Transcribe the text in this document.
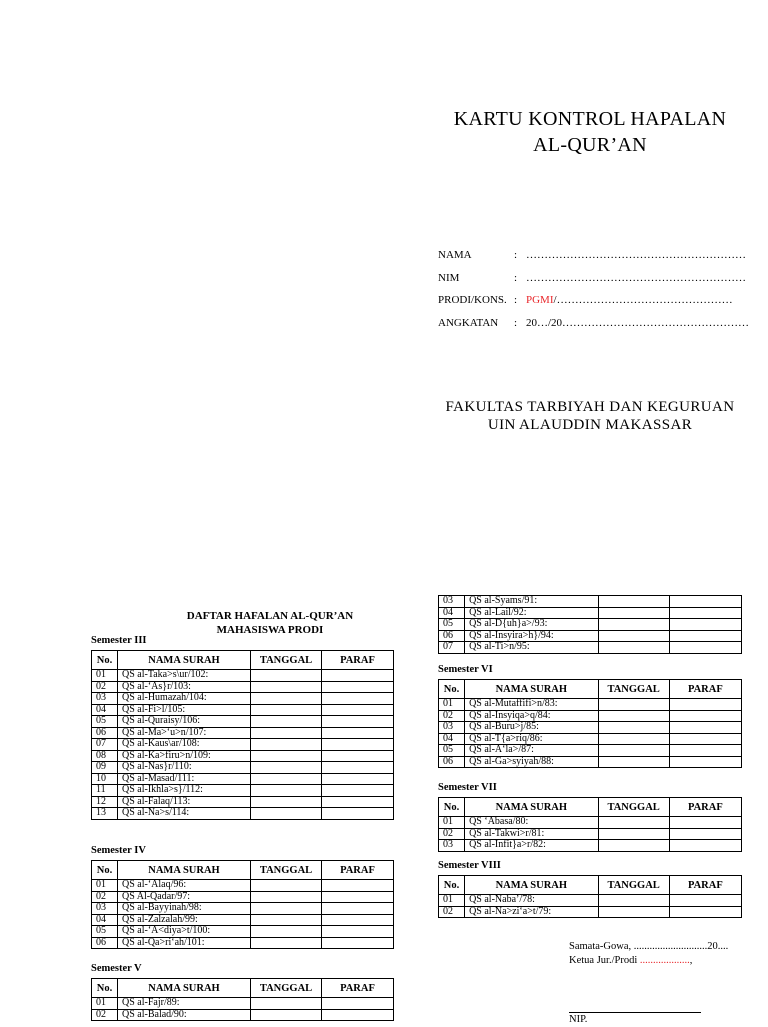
KARTU KONTROL HAPALAN
AL-QUR’AN
NAMA	: ……………………………………………………
NIM	: ……………………………………………………
PRODI/KONS. : PGMI/…………………………………………
ANGKATAN : 20…/20……………………………………………
FAKULTAS TARBIYAH DAN KEGURUAN
UIN ALAUDDIN MAKASSAR
DAFTAR HAFALAN AL-QUR’AN
MAHASISWA PRODI
Semester III
No.	NAMA SURAH	TANGGAL	PARAF
01	QS al-Taka>s\ur/102:		
02	QS al-‘As}r/103:		
03	QS al-Humazah/104:		
04	QS al-Fi>l/105:		
05	QS al-Quraisy/106:		
06	QS al-Ma>‘u>n/107:		
07	QS al-Kaus\ar/108:		
08	QS al-Ka>firu>n/109:		
09	QS al-Nas}r/110:		
10	QS al-Masad/111:		
11	QS al-Ikhla>s}/112:		
12	QS al-Falaq/113:		
13	QS al-Na>s/114:		
Semester IV
No.	NAMA SURAH	TANGGAL	PARAF
01	QS al-‘Alaq/96:		
02	QS Al-Qadar/97:		
03	QS al-Bayyinah/98:		
04	QS al-Zalzalah/99:		
05	QS al-‘A<diya>t/100:		
06	QS al-Qa>ri‘ah/101:		
Semester V
No.	NAMA SURAH	TANGGAL	PARAF
01	QS al-Fajr/89:		
02	QS al-Balad/90:		
03	QS al-Syams/91:		
04	QS al-Lail/92:		
05	QS al-D{uh}a>/93:		
06	QS al-Insyira>h}/94:		
07	QS al-Ti>n/95:		
Semester VI
No.	NAMA SURAH	TANGGAL	PARAF
01	QS al-Mutaffifi>n/83:		
02	QS al-Insyiqa>q/84:		
03	QS al-Buru>j/85:		
04	QS al-T{a>riq/86:		
05	QS al-A‘la>/87:		
06	QS al-Ga>syiyah/88:		
Semester VII
No.	NAMA SURAH	TANGGAL	PARAF
01	QS ‘Abasa/80:		
02	QS al-Takwi>r/81:		
03	QS al-Infit}a>r/82:		
Semester VIII
No.	NAMA SURAH	TANGGAL	PARAF
01	QS al-Naba’/78:		
02	QS al-Na>zi‘a>t/79:		
Samata-Gowa, ............................20....
Ketua Jur./Prodi ...................,
NIP.
